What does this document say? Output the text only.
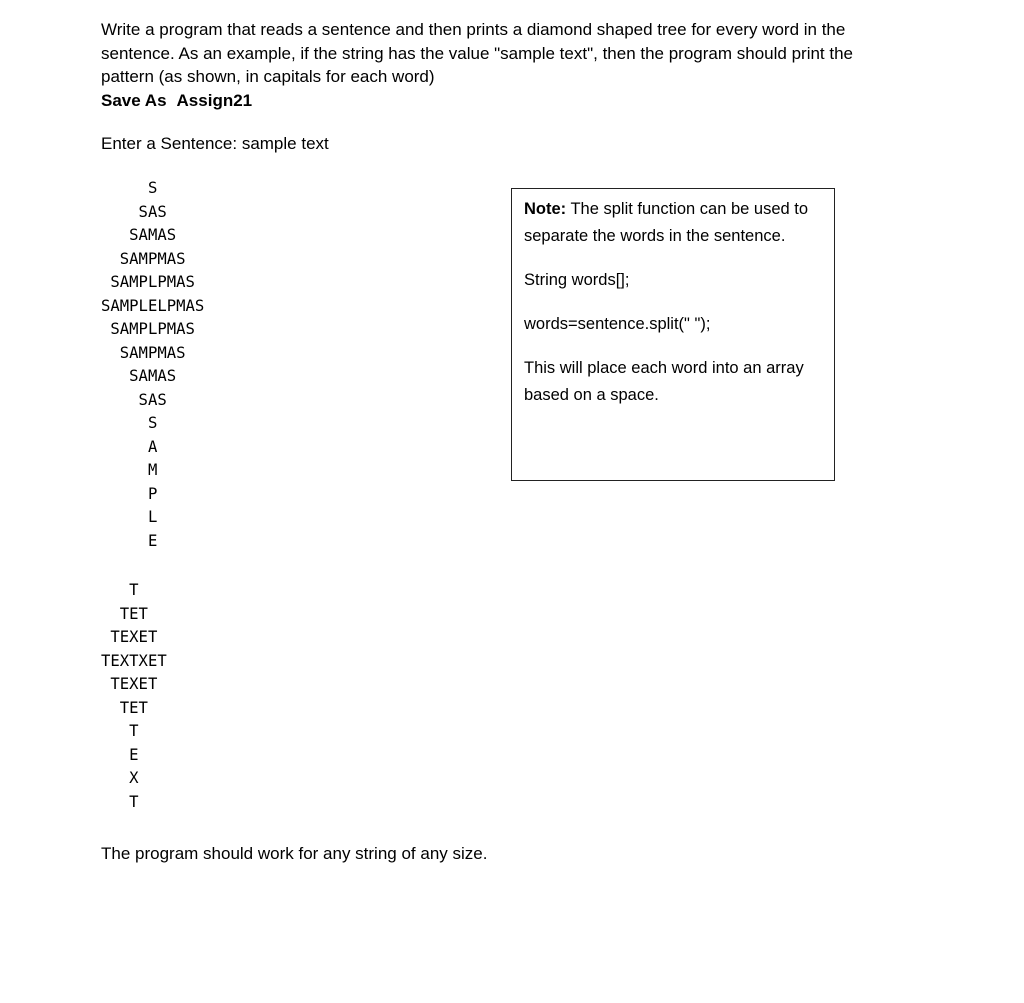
Write a program that reads a sentence and then prints a diamond shaped tree for every word in the

sentence. As an example, if the string has the value "sample text", then the program should print the

pattern (as shown, in capitals for each word)

Save As Assign21

Enter a Sentence: sample text
S
SAS
SAMAS
SAMPMAS
SAMPLPMAS
SAMPLELPMAS
SAMPLPMAS
SAMPMAS
SAMAS
SAS
S
A
M
P
L
E
T
TET
TEXET
TEXTXET
TEXET
TET
T
E
X
T

Note: The split function can be used to separate the words in the sentence.

String words[];

words=sentence.split(" ");

This will place each word into an array based on a space.

The program should work for any string of any size.
